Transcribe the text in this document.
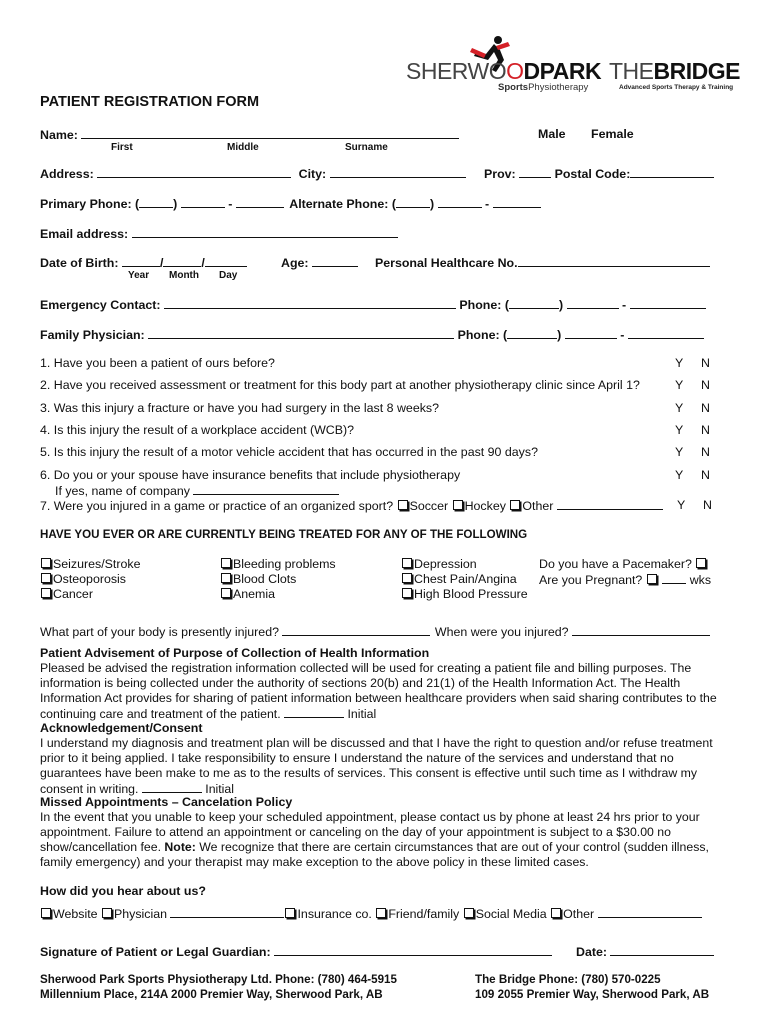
SHERWOODPARK
SportsPhysiotherapy
THEBRIDGE
Advanced Sports Therapy & Training
PATIENT REGISTRATION FORM
Name:
First	Middle	Surname
Male Female
Address:	City:	Prov:	Postal Code:
Primary Phone: (	)	-	Alternate Phone: (	)	-
Email address:
Date of Birth:	/	/
Year Month Day
Age:	Personal Healthcare No.
Emergency Contact:	Phone: (	)	-
Family Physician:	Phone: (	)	-
1. Have you been a patient of ours before?	Y N
2. Have you received assessment or treatment for this body part at another physiotherapy clinic since April 1?	Y N
3. Was this injury a fracture or have you had surgery in the last 8 weeks?	Y N
4. Is this injury the result of a workplace accident (WCB)?	Y N
5. Is this injury the result of a motor vehicle accident that has occurred in the past 90 days?	Y N
6. Do you or your spouse have insurance benefits that include physiotherapy	Y N
If yes, name of company
7. Were you injured in a game or practice of an organized sport? Soccer Hockey Other	Y N
HAVE YOU EVER OR ARE CURRENTLY BEING TREATED FOR ANY OF THE FOLLOWING
Seizures/Stroke
Osteoporosis
Cancer
Bleeding problems
Blood Clots
Anemia
Depression
Chest Pain/Angina
High Blood Pressure
Do you have a Pacemaker?
Are you Pregnant?	wks
What part of your body is presently injured?	When were you injured?
Patient Advisement of Purpose of Collection of Health Information
Pleased be advised the registration information collected will be used for creating a patient file and billing purposes. The information is being collected under the authority of sections 20(b) and 21(1) of the Health Information Act. The Health Information Act provides for sharing of patient information between healthcare providers when said sharing contributes to the continuing care and treatment of the patient.	Initial
Acknowledgement/Consent
I understand my diagnosis and treatment plan will be discussed and that I have the right to question and/or refuse treatment prior to it being applied. I take responsibility to ensure I understand the nature of the services and understand that no guarantees have been make to me as to the results of services. This consent is effective until such time as I withdraw my consent in writing.	Initial
Missed Appointments – Cancelation Policy
In the event that you unable to keep your scheduled appointment, please contact us by phone at least 24 hrs prior to your appointment. Failure to attend an appointment or canceling on the day of your appointment is subject to a $30.00 no show/cancellation fee. Note: We recognize that there are certain circumstances that are out of your control (sudden illness, family emergency) and your therapist may make exception to the above policy in these limited cases.
How did you hear about us?
Website Physician	Insurance co. Friend/family Social Media Other
Signature of Patient or Legal Guardian:	Date:
Sherwood Park Sports Physiotherapy Ltd. Phone: (780) 464-5915
Millennium Place, 214A 2000 Premier Way, Sherwood Park, AB
The Bridge Phone: (780) 570-0225
109 2055 Premier Way, Sherwood Park, AB
